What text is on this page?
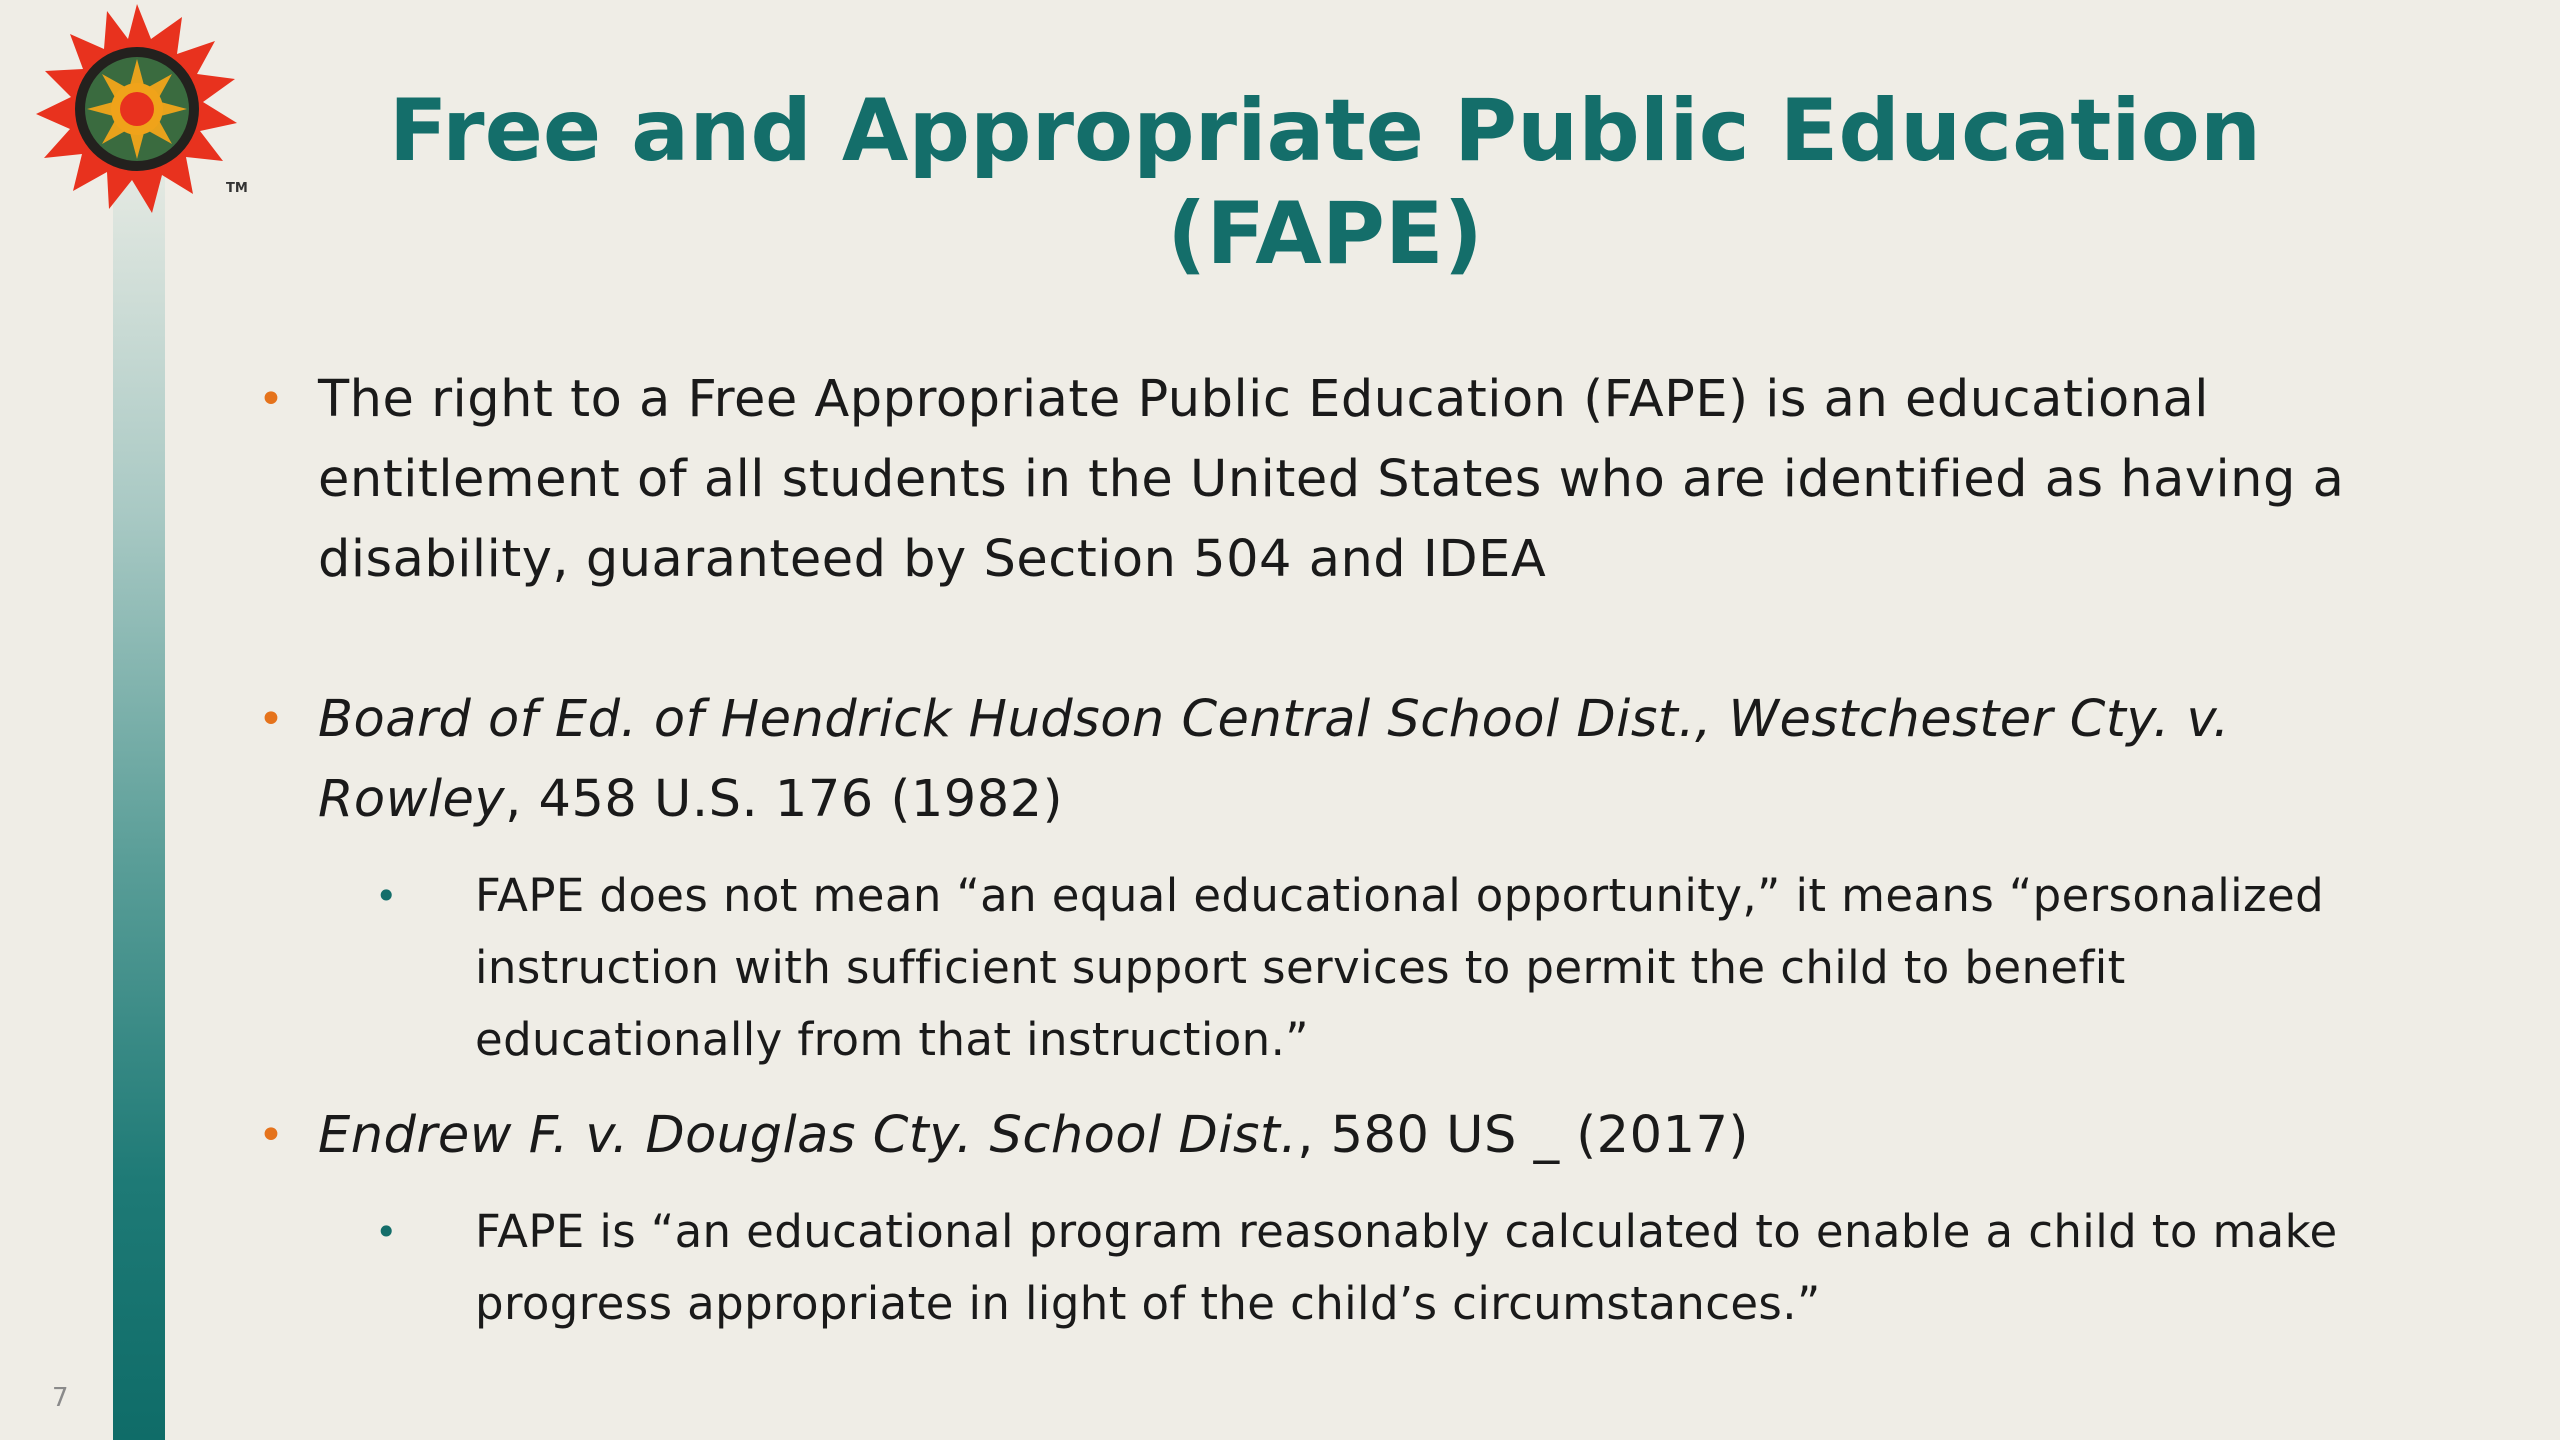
TM
Free and Appropriate Public Education
(FAPE)
• The right to a Free Appropriate Public Education (FAPE) is an educational entitlement of all students in the United States who are identified as having a disability, guaranteed by Section 504 and IDEA
• Board of Ed. of Hendrick Hudson Central School Dist., Westchester Cty. v. Rowley, 458 U.S. 176 (1982)
• FAPE does not mean “an equal educational opportunity,” it means “personalized instruction with sufficient support services to permit the child to benefit educationally from that instruction.”
• Endrew F. v. Douglas Cty. School Dist., 580 US _ (2017)
• FAPE is “an educational program reasonably calculated to enable a child to make progress appropriate in light of the child’s circumstances.”
7
